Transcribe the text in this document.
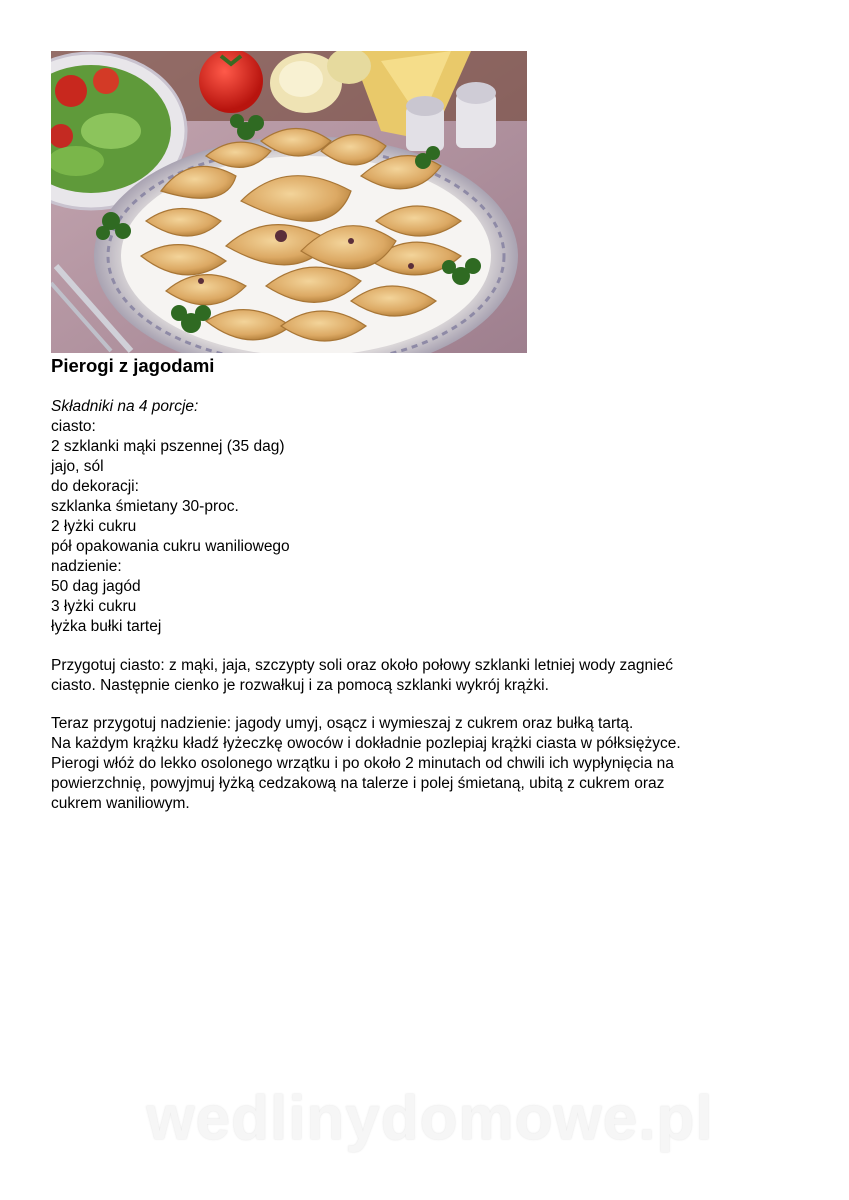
Pierogi z jagodami
Składniki na 4 porcje:
ciasto:
2 szklanki mąki pszennej (35 dag)
jajo, sól
do dekoracji:
szklanka śmietany 30-proc.
2 łyżki cukru
pół opakowania cukru waniliowego
nadzienie:
50 dag jagód
3 łyżki cukru
łyżka bułki tartej

Przygotuj ciasto: z mąki, jaja, szczypty soli oraz około połowy szklanki letniej wody zagnieć
ciasto. Następnie cienko je rozwałkuj i za pomocą szklanki wykrój krążki.

Teraz przygotuj nadzienie: jagody umyj, osącz i wymieszaj z cukrem oraz bułką tartą.
Na każdym krążku kładź łyżeczkę owoców i dokładnie pozlepiaj krążki ciasta w półksiężyce.
Pierogi włóż do lekko osolonego wrzątku i po około 2 minutach od chwili ich wypłynięcia na
powierzchnię, powyjmuj łyżką cedzakową na talerze i polej śmietaną, ubitą z cukrem oraz
cukrem waniliowym.

wedlinydomowe.pl
